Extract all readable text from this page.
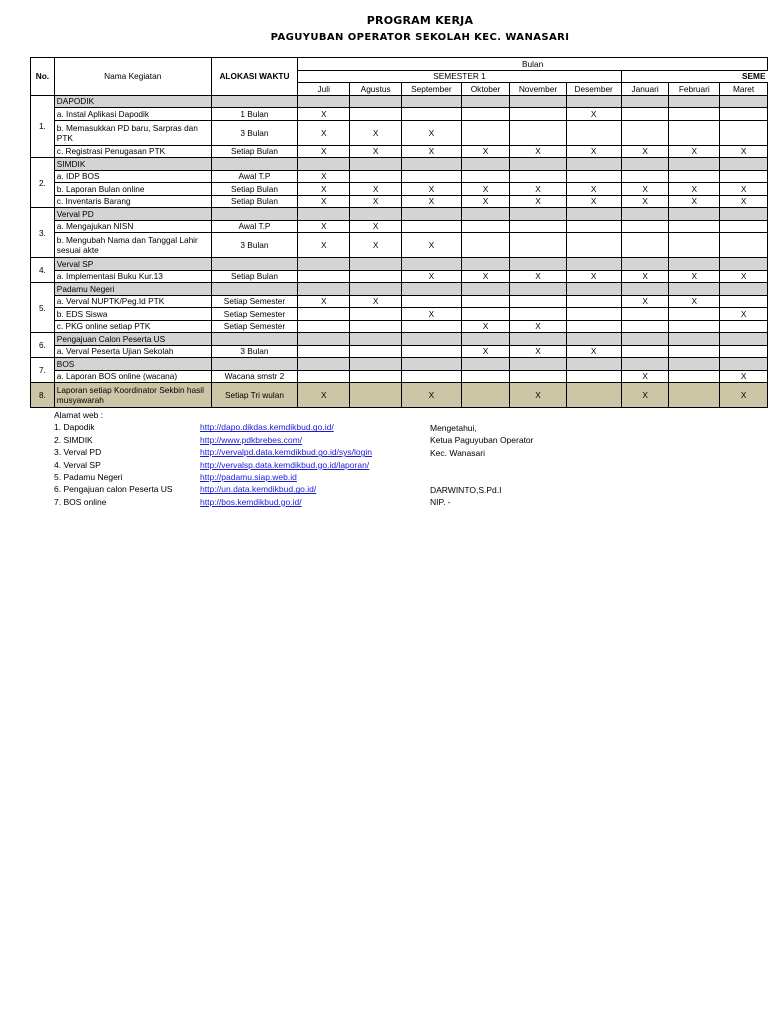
PROGRAM KERJA
PAGUYUBAN OPERATOR SEKOLAH KEC. WANASARI
No.	Nama Kegiatan	ALOKASI WAKTU	Bulan								
			SEMESTER 1						SEME		
			Juli	Agustus	September	Oktober	November	Desember	Januari	Februari	Maret
1.	DAPODIK										
	a. Instal Aplikasi Dapodik	1 Bulan	X					X			
	b. Memasukkan PD baru, Sarpras dan PTK	3 Bulan	X	X	X						
	c. Registrasi Penugasan PTK	Setiap Bulan	X	X	X	X	X	X	X	X	X
2.	SIMDIK										
	a. IDP BOS	Awal T.P	X								
	b. Laporan Bulan online	Setiap Bulan	X	X	X	X	X	X	X	X	X
	c. Inventaris Barang	Setiap Bulan	X	X	X	X	X	X	X	X	X
3.	Verval PD										
	a. Mengajukan NISN	Awal T.P	X	X							
	b. Mengubah Nama dan Tanggal Lahir sesuai akte	3 Bulan	X	X	X						
4.	Verval SP										
	a. Implementasi Buku Kur.13	Setiap Bulan			X	X	X	X	X	X	X
5.	Padamu Negeri										
	a. Verval NUPTK/Peg.Id PTK	Setiap Semester	X	X					X	X	
	b. EDS Siswa	Setiap Semester			X						X
	c. PKG online setiap PTK	Setiap Semester				X	X				
6.	Pengajuan Calon Peserta US										
	a. Verval Peserta Ujian Sekolah	3 Bulan				X	X	X			
7.	BOS										
	a. Laporan BOS online (wacana)	Wacana smstr 2							X		X
8.	Laporan setiap Koordinator Sekbin hasil musyawarah	Setiap Tri wulan	X		X		X		X		X
Alamat web :
1. Dapodik	http://dapo.dikdas.kemdikbud.go.id/
2. SIMDIK	http://www.pdkbrebes.com/
3. Verval PD	http://vervalpd.data.kemdikbud.go.id/sys/login
4. Verval SP	http://vervalsp.data.kemdikbud.go.id/laporan/
5. Padamu Negeri	http://padamu.siap.web.id
6. Pengajuan calon Peserta US	http://un.data.kemdikbud.go.id/
7. BOS online	http://bos.kemdikbud.go.id/
Mengetahui,
Ketua Paguyuban Operator
Kec. Wanasari
DARWINTO,S.Pd.I
NIP. -
